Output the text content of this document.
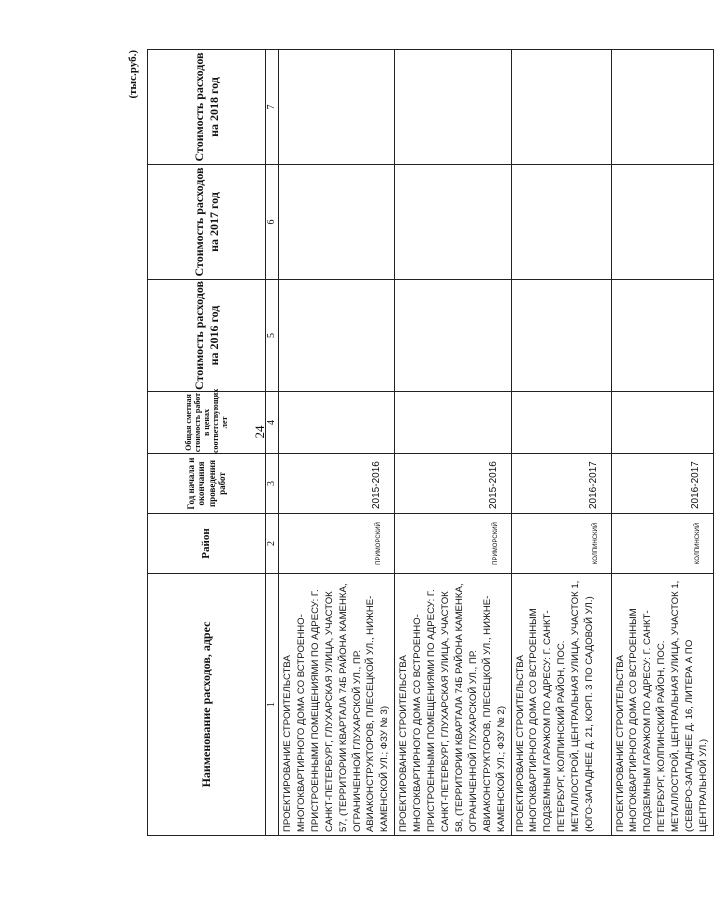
24
(тыс.руб.)
Наименование расходов, адрес	Район	Год начала и окончания проведения работ	Общая сметная стоимость работ в ценах соответствующих лет	Стоимость расходов на 2016 год	Стоимость расходов на 2017 год	Стоимость расходов на 2018 год
1	2	3	4	5	6	7
ПРОЕКТИРОВАНИЕ СТРОИТЕЛЬСТВА МНОГОКВАРТИРНОГО ДОМА СО ВСТРОЕННО-ПРИСТРОЕННЫМИ ПОМЕЩЕНИЯМИ ПО АДРЕСУ: Г. САНКТ-ПЕТЕРБУРГ, ГЛУХАРСКАЯ УЛИЦА, УЧАСТОК 57, (ТЕРРИТОРИИ КВАРТАЛА 74Б РАЙОНА КАМЕНКА, ОГРАНИЧЕННОЙ ГЛУХАРСКОЙ УЛ., ПР. АВИАКОНСТРУКТОРОВ, ПЛЕСЕЦКОЙ УЛ., НИЖНЕ-КАМЕНСКОЙ УЛ.; ФЗУ № 3)	ПРИМОРСКИЙ	2015-2016				
ПРОЕКТИРОВАНИЕ СТРОИТЕЛЬСТВА МНОГОКВАРТИРНОГО ДОМА СО ВСТРОЕННО-ПРИСТРОЕННЫМИ ПОМЕЩЕНИЯМИ ПО АДРЕСУ: Г. САНКТ-ПЕТЕРБУРГ, ГЛУХАРСКАЯ УЛИЦА, УЧАСТОК 58, (ТЕРРИТОРИИ КВАРТАЛА 74Б РАЙОНА КАМЕНКА, ОГРАНИЧЕННОЙ ГЛУХАРСКОЙ УЛ., ПР. АВИАКОНСТРУКТОРОВ, ПЛЕСЕЦКОЙ УЛ., НИЖНЕ-КАМЕНСКОЙ УЛ.; ФЗУ № 2)	ПРИМОРСКИЙ	2015-2016				
ПРОЕКТИРОВАНИЕ СТРОИТЕЛЬСТВА МНОГОКВАРТИРНОГО ДОМА СО ВСТРОЕННЫМ ПОДЗЕМНЫМ ГАРАЖОМ ПО АДРЕСУ: Г. САНКТ-ПЕТЕРБУРГ, КОЛПИНСКИЙ РАЙОН, ПОС. МЕТАЛЛОСТРОЙ, ЦЕНТРАЛЬНАЯ УЛИЦА, УЧАСТОК 1, (ЮГО-ЗАПАДНЕЕ Д. 21, КОРП. 3 ПО САДОВОЙ УЛ.)	КОЛПИНСКИЙ	2016-2017				
ПРОЕКТИРОВАНИЕ СТРОИТЕЛЬСТВА МНОГОКВАРТИРНОГО ДОМА СО ВСТРОЕННЫМ ПОДЗЕМНЫМ ГАРАЖОМ ПО АДРЕСУ: Г. САНКТ-ПЕТЕРБУРГ, КОЛПИНСКИЙ РАЙОН, ПОС. МЕТАЛЛОСТРОЙ, ЦЕНТРАЛЬНАЯ УЛИЦА, УЧАСТОК 1, (СЕВЕРО-ЗАПАДНЕЕ Д. 16, ЛИТЕРА А ПО ЦЕНТРАЛЬНОЙ УЛ.)	КОЛПИНСКИЙ	2016-2017				
